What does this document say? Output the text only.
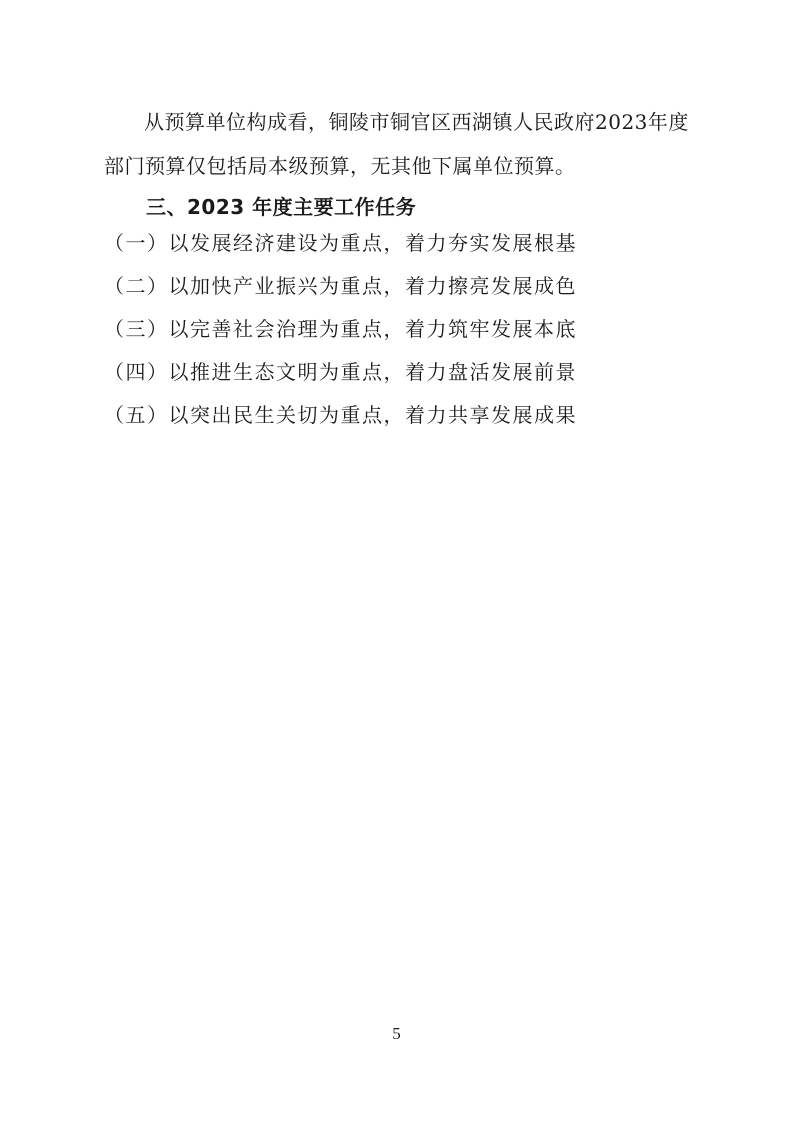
从预算单位构成看，铜陵市铜官区西湖镇人民政府2023年度部门预算仅包括局本级预算，无其他下属单位预算。

三、2023 年度主要工作任务
（一）以发展经济建设为重点，着力夯实发展根基
（二）以加快产业振兴为重点，着力擦亮发展成色
（三）以完善社会治理为重点，着力筑牢发展本底
（四）以推进生态文明为重点，着力盘活发展前景
（五）以突出民生关切为重点，着力共享发展成果
5
